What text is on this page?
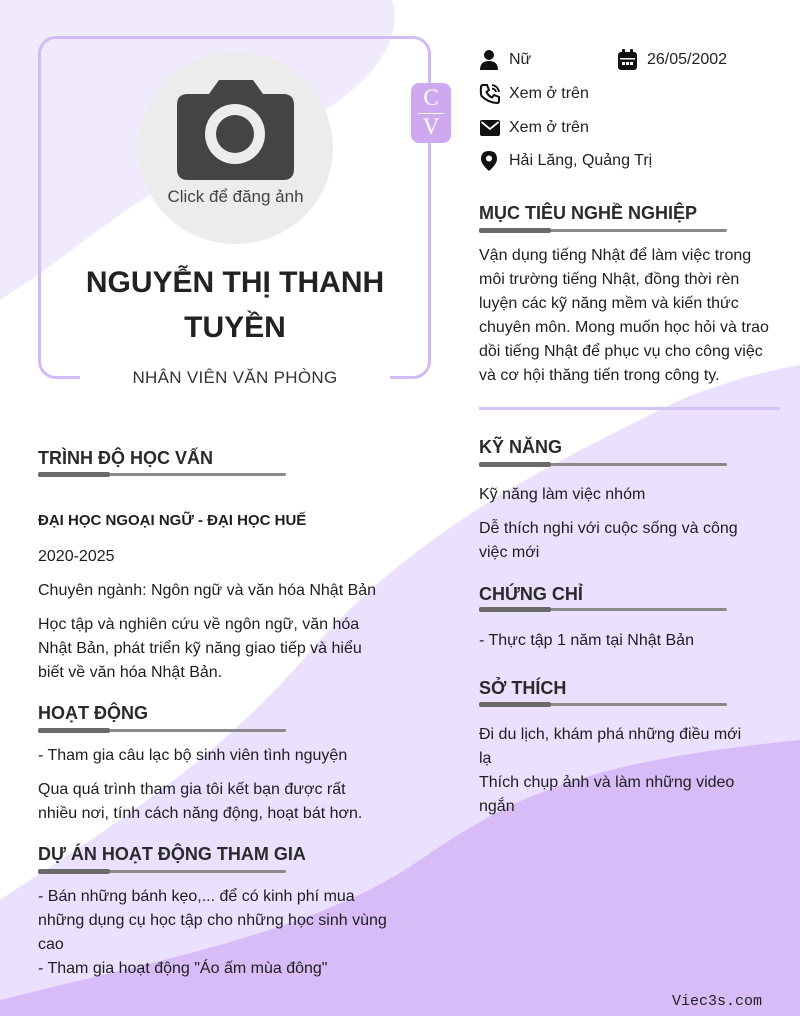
Click để đăng ảnh
NGUYỄN THỊ THANH TUYỀN
NHÂN VIÊN VĂN PHÒNG
C
V
Nữ	26/05/2002
Xem ở trên
Xem ở trên
Hải Lăng, Quảng Trị
MỤC TIÊU NGHỀ NGHIỆP
Vận dụng tiếng Nhật để làm việc trong
môi trường tiếng Nhật, đồng thời rèn
luyện các kỹ năng mềm và kiến thức
chuyên môn. Mong muốn học hỏi và trao
dồi tiếng Nhật để phục vụ cho công việc
và cơ hội thăng tiến trong công ty.
TRÌNH ĐỘ HỌC VẤN
ĐẠI HỌC NGOẠI NGỮ - ĐẠI HỌC HUẾ
2020-2025
Chuyên ngành: Ngôn ngữ và văn hóa Nhật Bản
Học tập và nghiên cứu về ngôn ngữ, văn hóa
Nhật Bản, phát triển kỹ năng giao tiếp và hiểu
biết về văn hóa Nhật Bản.
HOẠT ĐỘNG
- Tham gia câu lạc bộ sinh viên tình nguyện
Qua quá trình tham gia tôi kết bạn được rất
nhiều nơi, tính cách năng động, hoạt bát hơn.
DỰ ÁN HOẠT ĐỘNG THAM GIA
- Bán những bánh kẹo,... để có kinh phí mua
những dụng cụ học tập cho những học sinh vùng
cao
- Tham gia hoạt động "Áo ấm mùa đông"
KỸ NĂNG
Kỹ năng làm việc nhóm
Dễ thích nghi với cuộc sống và công
việc mới
CHỨNG CHỈ
- Thực tập 1 năm tại Nhật Bản
SỞ THÍCH
Đi du lịch, khám phá những điều mới
lạ
Thích chụp ảnh và làm những video
ngắn
Viec3s.com
